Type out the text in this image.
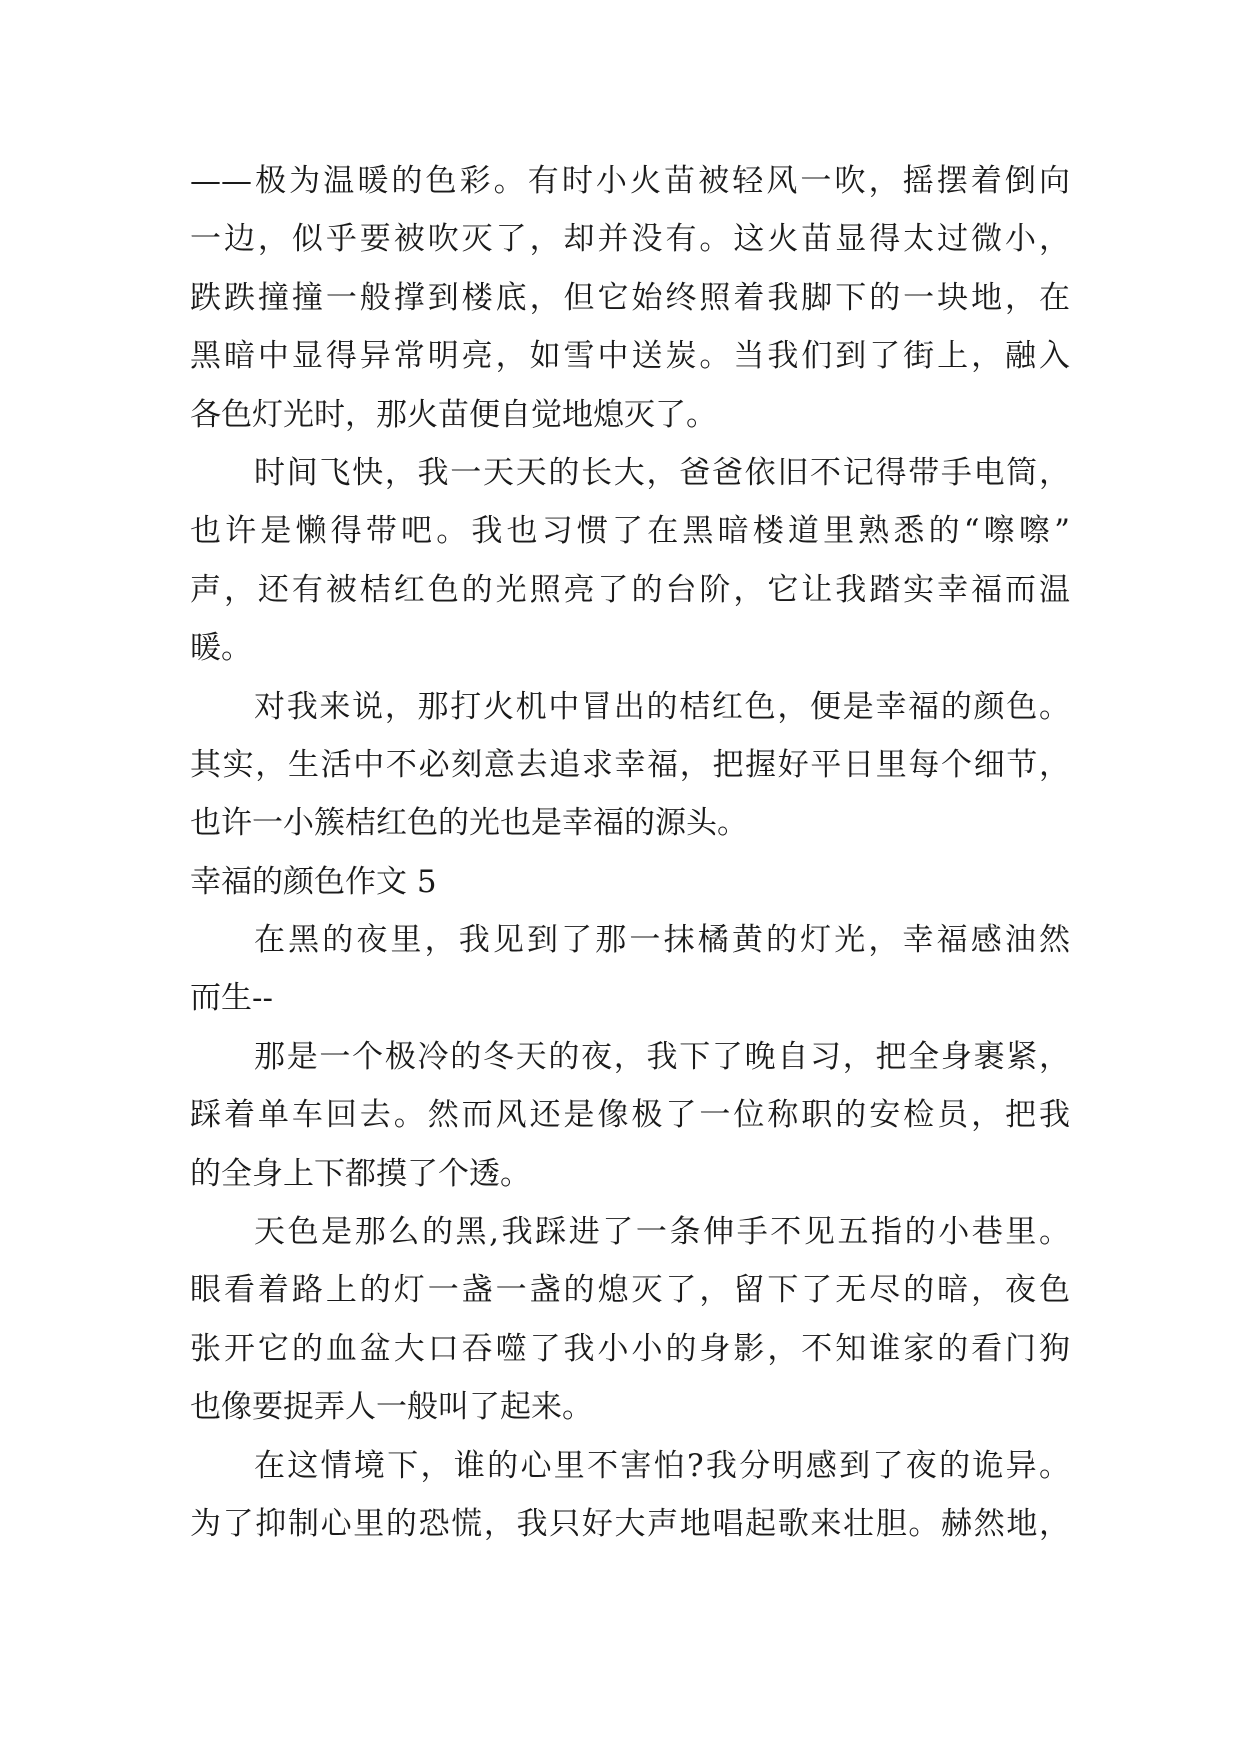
——极为温暖的色彩。有时小火苗被轻风一吹，摇摆着倒向
一边，似乎要被吹灭了，却并没有。这火苗显得太过微小，
跌跌撞撞一般撑到楼底，但它始终照着我脚下的一块地，在
黑暗中显得异常明亮，如雪中送炭。当我们到了街上，融入
各色灯光时，那火苗便自觉地熄灭了。
时间飞快，我一天天的长大，爸爸依旧不记得带手电筒，
也许是懒得带吧。我也习惯了在黑暗楼道里熟悉的“嚓嚓”
声，还有被桔红色的光照亮了的台阶，它让我踏实幸福而温
暖。
对我来说，那打火机中冒出的桔红色，便是幸福的颜色。
其实，生活中不必刻意去追求幸福，把握好平日里每个细节，
也许一小簇桔红色的光也是幸福的源头。
幸福的颜色作文 5
在黑的夜里，我见到了那一抹橘黄的灯光，幸福感油然
而生--
那是一个极冷的冬天的夜，我下了晚自习，把全身裹紧，
踩着单车回去。然而风还是像极了一位称职的安检员，把我
的全身上下都摸了个透。
天色是那么的黑,我踩进了一条伸手不见五指的小巷里。
眼看着路上的灯一盏一盏的熄灭了，留下了无尽的暗，夜色
张开它的血盆大口吞噬了我小小的身影，不知谁家的看门狗
也像要捉弄人一般叫了起来。
在这情境下，谁的心里不害怕?我分明感到了夜的诡异。
为了抑制心里的恐慌，我只好大声地唱起歌来壮胆。赫然地，
